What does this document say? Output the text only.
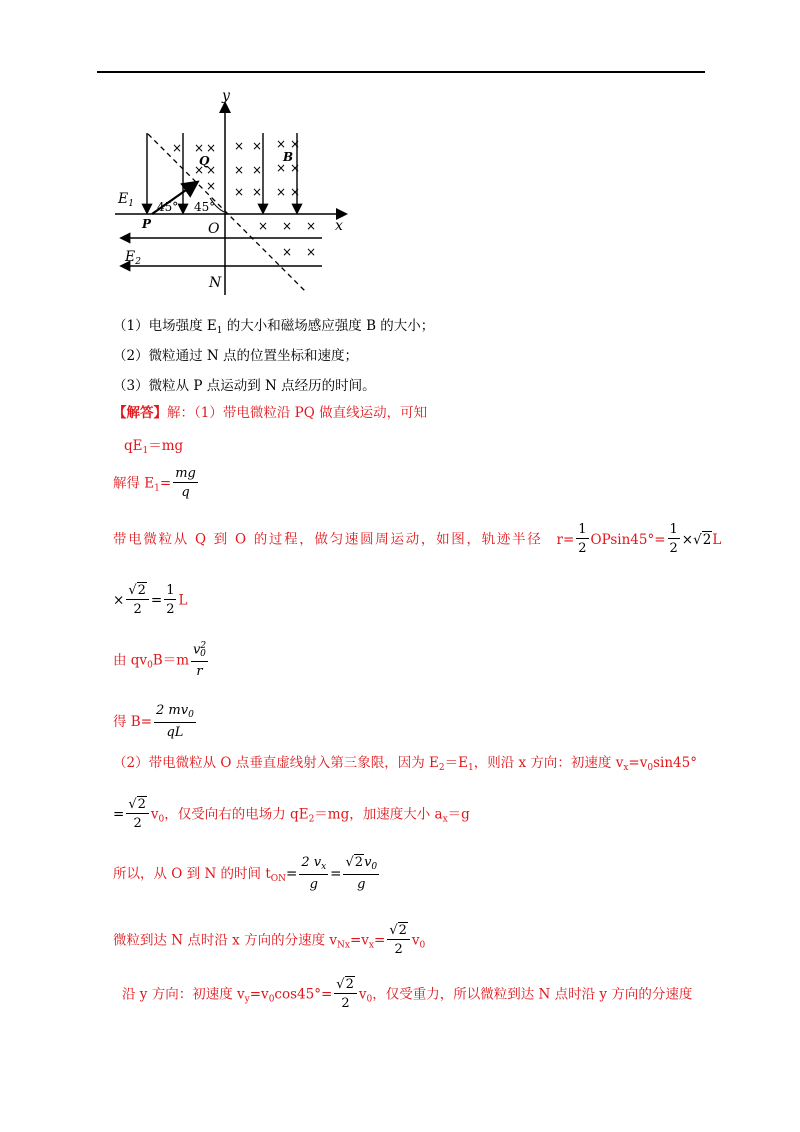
× × × × × × ×
× × × × × ×
× × × × × ×
× × ×
× ×
y
x
$E_1$
$E_2$
P
Q
O
N
B
45° 45°
（1）电场强度 $E_1$ 的大小和磁场感应强度 B 的大小；
（2）微粒通过 N 点的位置坐标和速度；
（3）微粒从 P 点运动到 N 点经历的时间。
【解答】解：（1）带电微粒沿 PQ 做直线运动，可知
$qE_1=mg$
解得 $E_1= \frac{mg}{q}$
带电微粒从 Q 到 O 的过程，做匀速圆周运动，如图，轨迹半径 $r= \frac{1}{2} OPsin45^\circ= \frac{1}{2} \times√2L$
× $\frac{√2}{2} = \frac{1}{2}$ L
由 $qv_0B=m \frac{v^2_0}{r}$
得 $B= \frac{2 mv_0}{qL}$
（2）带电微粒从 O 点垂直虚线射入第三象限，因为 $E_2=E_1$，则沿 x 方向：初速度 $v_x=v_0\sin 45^\circ$
= $\frac{√2}{2} v_0$，仅受向右的电场力 $qE_2=mg$，加速度大小 $a_x=g$
所以，从 O 到 N 的时间 $t_{ON}= \frac{2 v_x}{g} = \frac{√2v_0}{g}$
微粒到达 N 点时沿 x 方向的分速度 $v_{Nx}=v_x= \frac{√2}{2} v_0$
沿 y 方向：初速度 $v_y=v_0\cos 45^\circ= \frac{√2}{2} v_0$，仅受重力，所以微粒到达 N 点时沿 y 方向的分速度
